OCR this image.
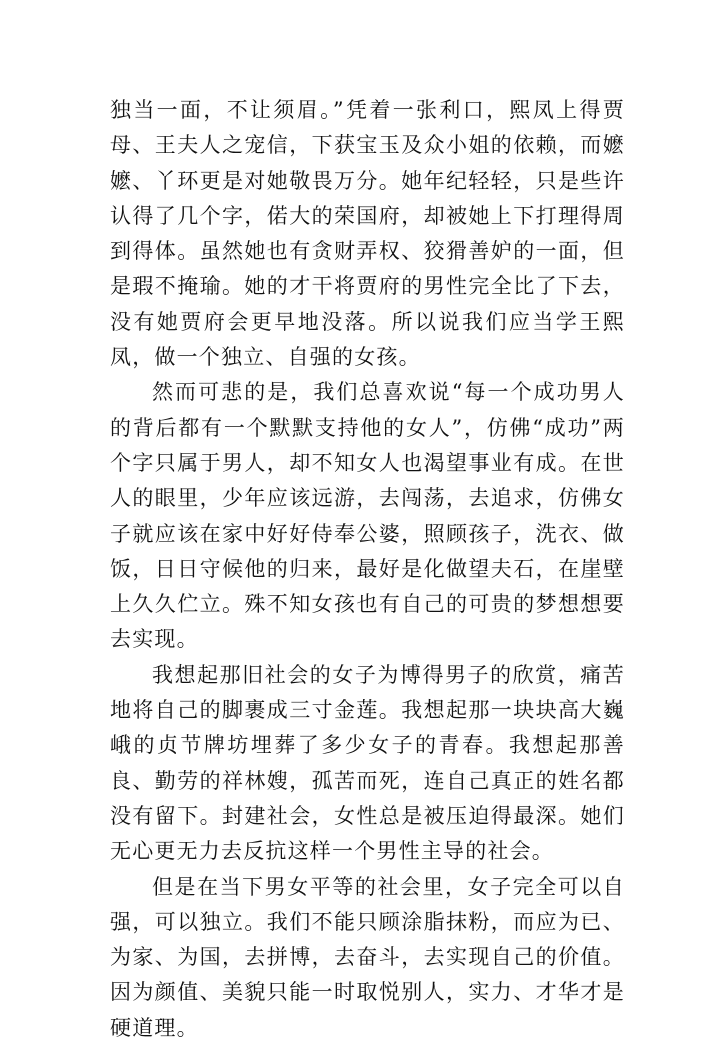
独当一面，不让须眉。”凭着一张利口，熙凤上得贾母、王夫人之宠信，下获宝玉及众小姐的依赖，而嬷嬷、丫环更是对她敬畏万分。她年纪轻轻，只是些许认得了几个字，偌大的荣国府，却被她上下打理得周到得体。虽然她也有贪财弄权、狡猾善妒的一面，但是瑕不掩瑜。她的才干将贾府的男性完全比了下去，没有她贾府会更早地没落。所以说我们应当学王熙凤，做一个独立、自强的女孩。

然而可悲的是，我们总喜欢说“每一个成功男人的背后都有一个默默支持他的女人”，仿佛“成功”两个字只属于男人，却不知女人也渴望事业有成。在世人的眼里，少年应该远游，去闯荡，去追求，仿佛女子就应该在家中好好侍奉公婆，照顾孩子，洗衣、做饭，日日守候他的归来，最好是化做望夫石，在崖壁上久久伫立。殊不知女孩也有自己的可贵的梦想想要去实现。

我想起那旧社会的女子为博得男子的欣赏，痛苦地将自己的脚裹成三寸金莲。我想起那一块块高大巍峨的贞节牌坊埋葬了多少女子的青春。我想起那善良、勤劳的祥林嫂，孤苦而死，连自己真正的姓名都没有留下。封建社会，女性总是被压迫得最深。她们无心更无力去反抗这样一个男性主导的社会。

但是在当下男女平等的社会里，女子完全可以自强，可以独立。我们不能只顾涂脂抹粉，而应为已、为家、为国，去拼博，去奋斗，去实现自己的价值。因为颜值、美貌只能一时取悦别人，实力、才华才是硬道理。
